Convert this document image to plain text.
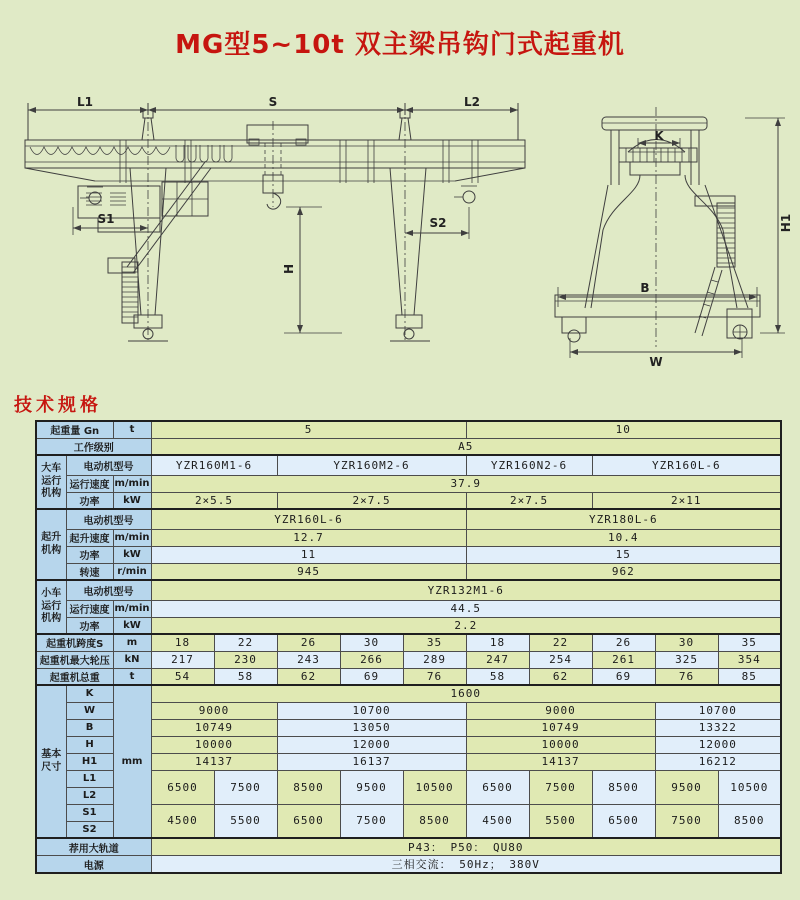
MG型5~10t 双主梁吊钩门式起重机
L1	S	L2
S1	S2
H
K
B
W
H1
技术规格
起重量 Gn		t	5					10				
工作级别			A5									
大车运行机构	电动机型号		YZR160M1-6		YZR160M2-6			YZR160N2-6		YZR160L-6		
	运行速度	m/min	37.9									
	功率	kW	2×5.5		2×7.5			2×7.5		2×11		
起升机构	电动机型号		YZR160L-6					YZR180L-6				
	起升速度	m/min	12.7					10.4				
	功率	kW	11					15				
	转速	r/min	945					962				
小车运行机构	电动机型号		YZR132M1-6									
	运行速度	m/min	44.5									
	功率	kW	2.2									
起重机跨度S		m	18	22	26	30	35	18	22	26	30	35
起重机最大轮压		kN	217	230	243	266	289	247	254	261	325	354
起重机总重		t	54	58	62	69	76	58	62	69	76	85
基本尺寸	K	mm	1600									
	W		9000		10700			9000			10700	
	B		10749		13050			10749			13322	
	H		10000		12000			10000			12000	
	H1		14137		16137			14137			16212	
	L1		6500	7500	8500	9500	10500	6500	7500	8500	9500	10500
	L2											
	S1		4500	5500	6500	7500	8500	4500	5500	6500	7500	8500
	S2											
荐用大轨道			P43： P50： QU80									
电源			三相交流： 50Hz； 380V									
